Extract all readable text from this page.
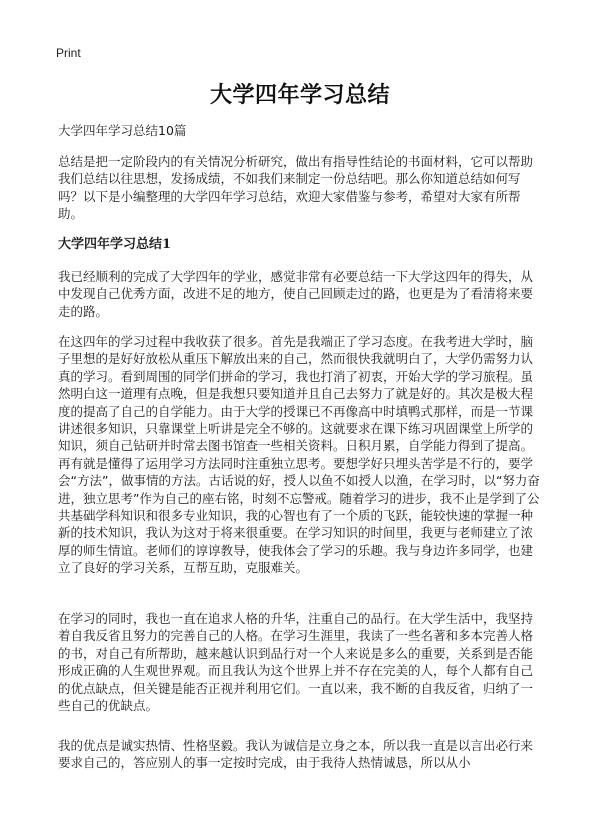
Print
大学四年学习总结
大学四年学习总结10篇

总结是把一定阶段内的有关情况分析研究，做出有指导性结论的书面材料，它可以帮助我们总结以往思想，发扬成绩，不如我们来制定一份总结吧。那么你知道总结如何写吗？以下是小编整理的大学四年学习总结，欢迎大家借鉴与参考，希望对大家有所帮助。

大学四年学习总结1

我已经顺利的完成了大学四年的学业，感觉非常有必要总结一下大学这四年的得失，从中发现自己优秀方面，改进不足的地方，使自己回顾走过的路，也更是为了看清将来要走的路。

在这四年的学习过程中我收获了很多。首先是我端正了学习态度。在我考进大学时，脑子里想的是好好放松从重压下解放出来的自己，然而很快我就明白了，大学仍需努力认真的学习。看到周围的同学们拼命的学习，我也打消了初衷，开始大学的学习旅程。虽然明白这一道理有点晚，但是我想只要知道并且自己去努力了就是好的。其次是极大程度的提高了自己的自学能力。由于大学的授课已不再像高中时填鸭式那样，而是一节课讲述很多知识，只靠课堂上听讲是完全不够的。这就要求在课下练习巩固课堂上所学的知识，须自己钻研并时常去图书馆查一些相关资料。日积月累，自学能力得到了提高。再有就是懂得了运用学习方法同时注重独立思考。要想学好只埋头苦学是不行的，要学会“方法”，做事情的方法。古话说的好，授人以鱼不如授人以渔，在学习时，以“努力奋进，独立思考”作为自己的座右铭，时刻不忘警戒。随着学习的进步，我不止是学到了公共基础学科知识和很多专业知识，我的心智也有了一个质的飞跃，能较快速的掌握一种新的技术知识，我认为这对于将来很重要。在学习知识的时间里，我更与老师建立了浓厚的师生情谊。老师们的谆谆教导，使我体会了学习的乐趣。我与身边许多同学，也建立了良好的学习关系，互帮互助，克服难关。

在学习的同时，我也一直在追求人格的升华，注重自己的品行。在大学生活中，我坚持着自我反省且努力的完善自己的人格。在学习生涯里，我读了一些名著和多本完善人格的书，对自己有所帮助，越来越认识到品行对一个人来说是多么的重要，关系到是否能形成正确的人生观世界观。而且我认为这个世界上并不存在完美的人，每个人都有自己的优点缺点，但关键是能否正视并利用它们。一直以来，我不断的自我反省，归纳了一些自己的优缺点。

我的优点是诚实热情、性格坚毅。我认为诚信是立身之本，所以我一直是以言出必行来要求自己的，答应别人的事一定按时完成，由于我待人热情诚恳，所以从小
